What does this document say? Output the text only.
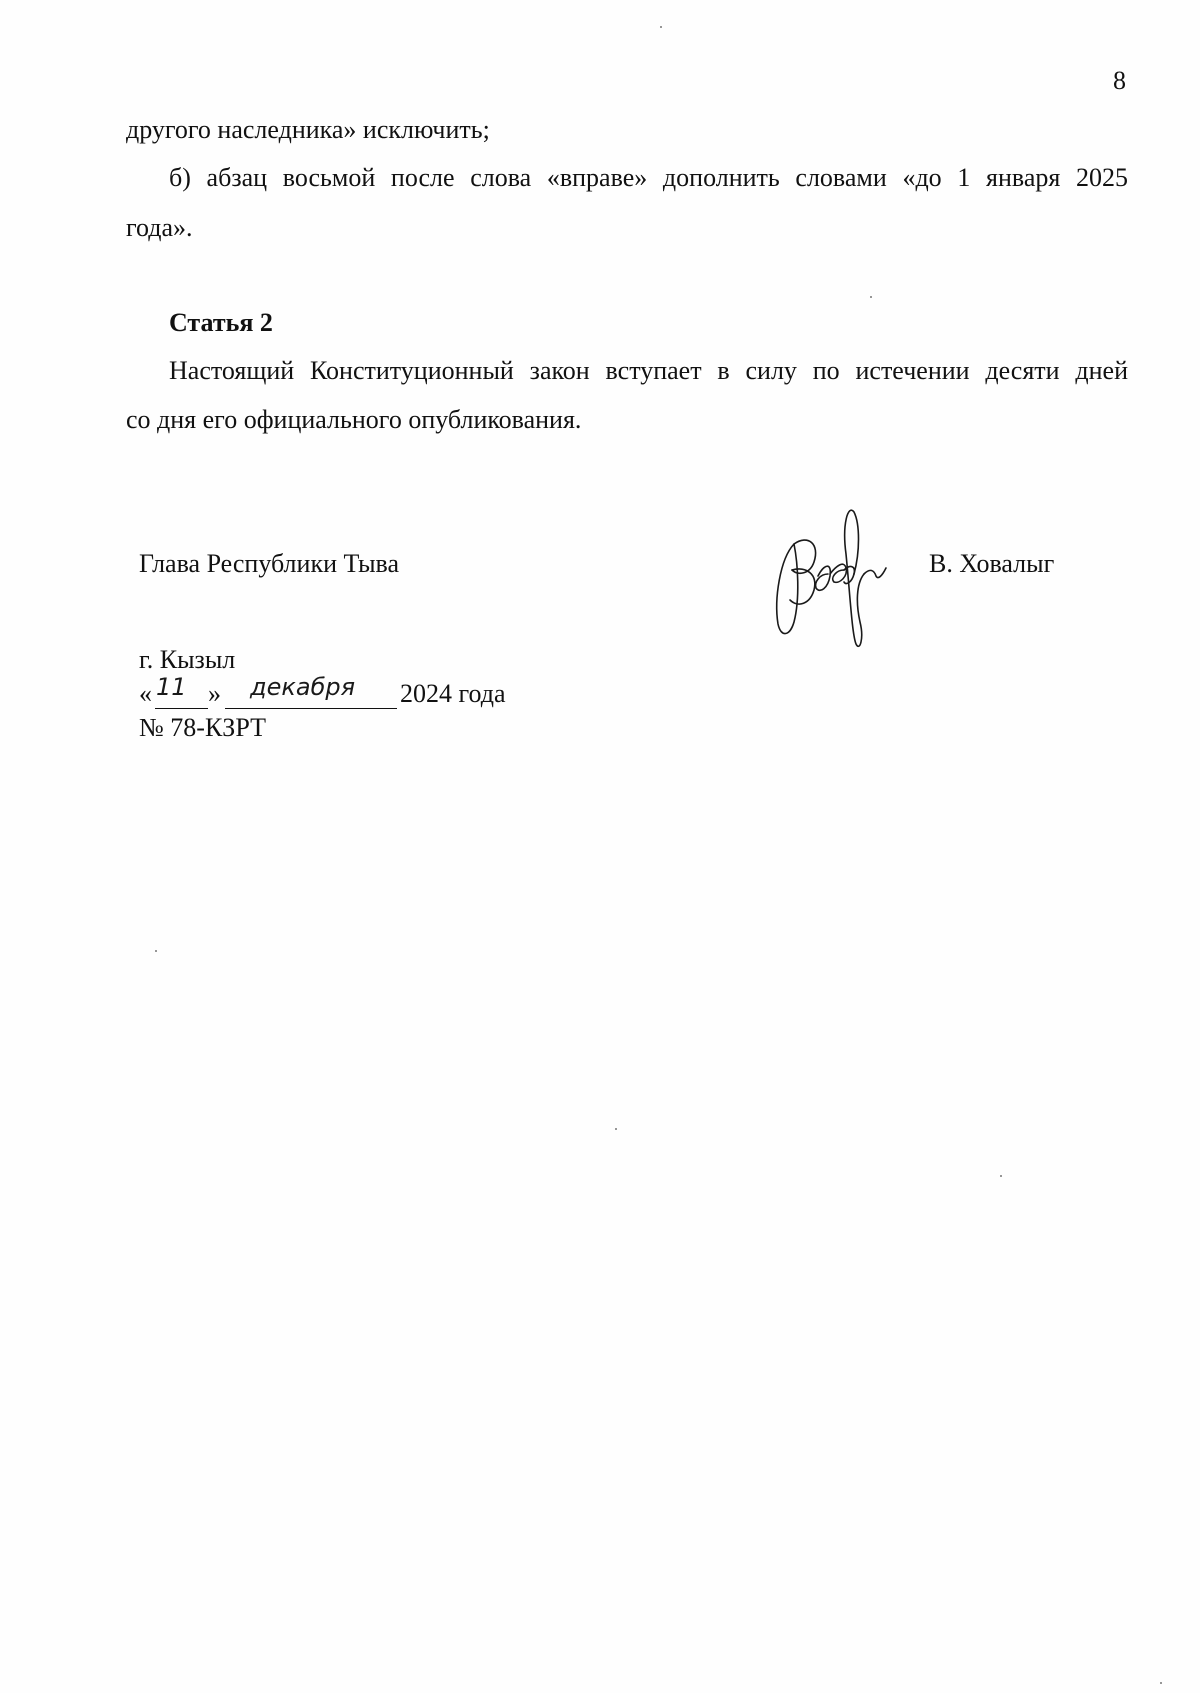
8
другого наследника» исключить;
б) абзац восьмой после слова «вправе» дополнить словами «до 1 января 2025
года».
Статья 2
Настоящий Конституционный закон вступает в силу по истечении десяти дней
со дня его официального опубликования.
Глава Республики Тыва	В. Ховалыг
г. Кызыл
« 11 » декабря 2024 года
№ 78-КЗРТ
